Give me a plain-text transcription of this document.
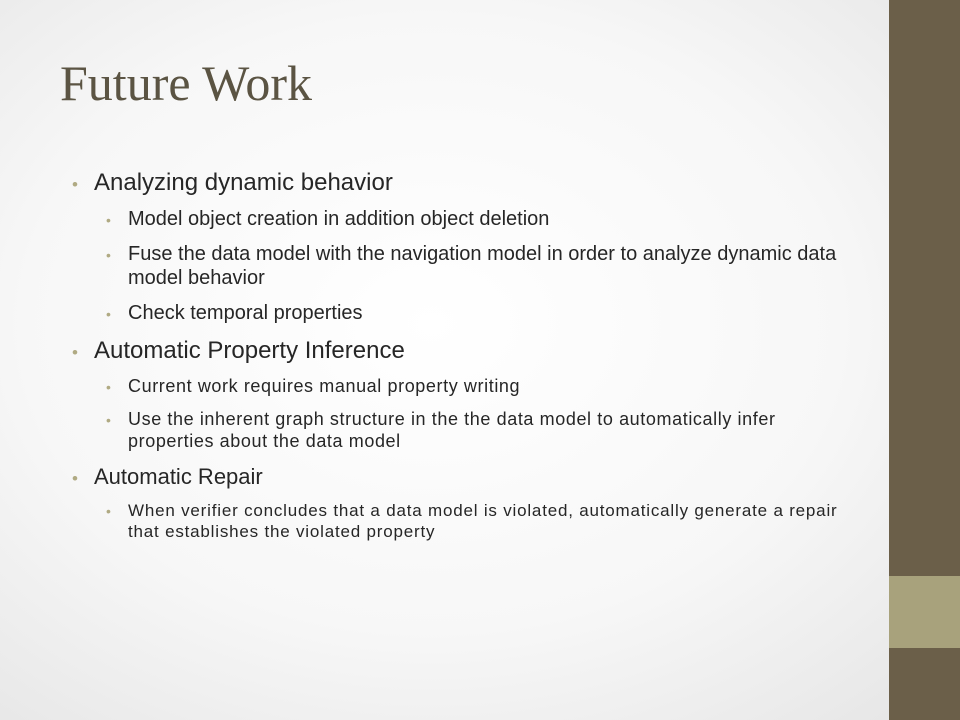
Future Work
• Analyzing dynamic behavior
• Model object creation in addition object deletion
• Fuse the data model with the navigation model in order to analyze dynamic data model behavior
• Check temporal properties
• Automatic Property Inference
• Current work requires manual property writing
• Use the inherent graph structure in the the data model to automatically infer properties about the data model
• Automatic Repair
• When verifier concludes that a data model is violated, automatically generate a repair that establishes the violated property
